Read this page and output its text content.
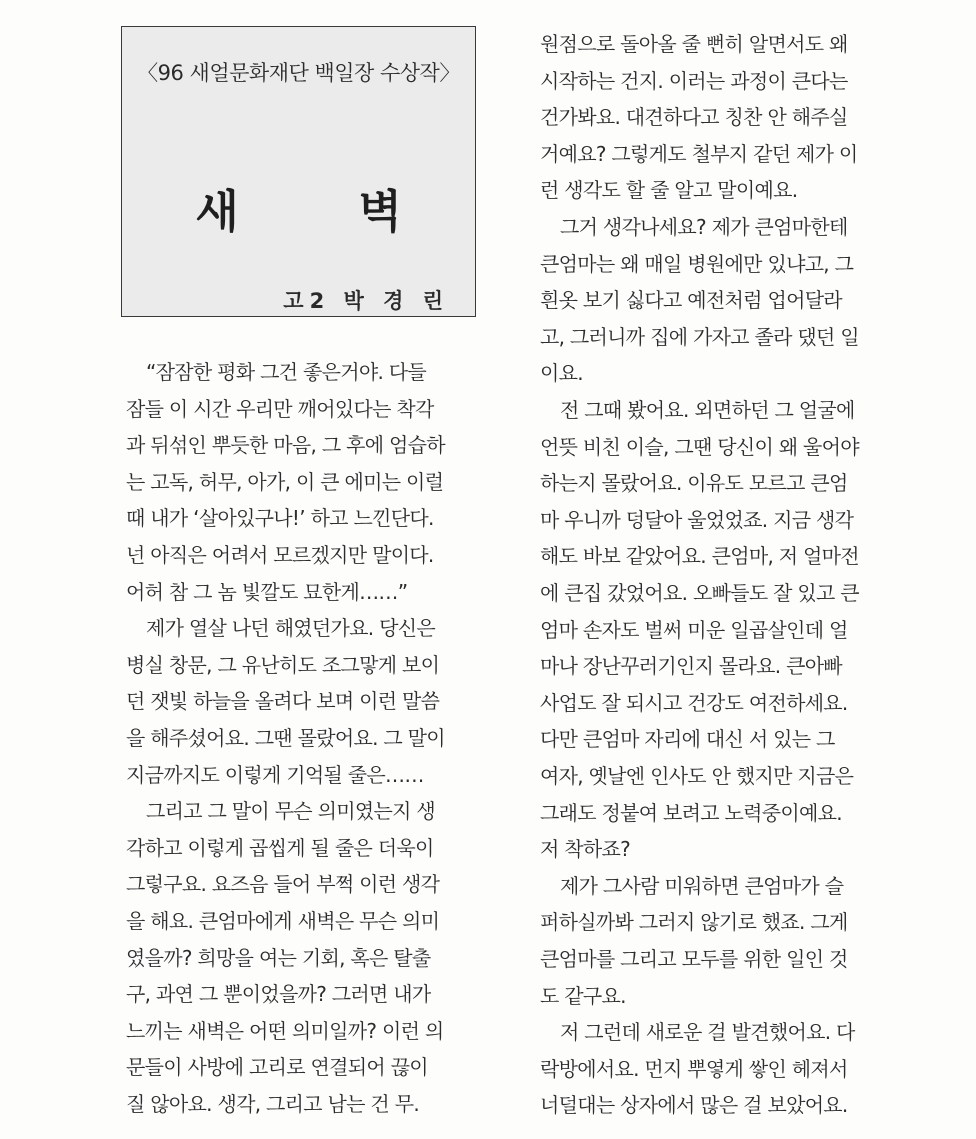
〈96 새얼문화재단 백일장 수상작〉
새 벽
고2 박 경 린
“잠잠한 평화 그건 좋은거야. 다들
잠들 이 시간 우리만 깨어있다는 착각
과 뒤섞인 뿌듯한 마음, 그 후에 엄습하
는 고독, 허무, 아가, 이 큰 에미는 이럴
때 내가 ‘살아있구나!’ 하고 느낀단다.
넌 아직은 어려서 모르겠지만 말이다.
어허 참 그 놈 빛깔도 묘한게……”
제가 열살 나던 해였던가요. 당신은
병실 창문, 그 유난히도 조그맣게 보이
던 잿빛 하늘을 올려다 보며 이런 말씀
을 해주셨어요. 그땐 몰랐어요. 그 말이
지금까지도 이렇게 기억될 줄은……
그리고 그 말이 무슨 의미였는지 생
각하고 이렇게 곱씹게 될 줄은 더욱이
그렇구요. 요즈음 들어 부쩍 이런 생각
을 해요. 큰엄마에게 새벽은 무슨 의미
였을까? 희망을 여는 기회, 혹은 탈출
구, 과연 그 뿐이었을까? 그러면 내가
느끼는 새벽은 어떤 의미일까? 이런 의
문들이 사방에 고리로 연결되어 끊이
질 않아요. 생각, 그리고 남는 건 무.
원점으로 돌아올 줄 뻔히 알면서도 왜
시작하는 건지. 이러는 과정이 큰다는
건가봐요. 대견하다고 칭찬 안 해주실
거예요? 그렇게도 철부지 같던 제가 이
런 생각도 할 줄 알고 말이예요.
그거 생각나세요? 제가 큰엄마한테
큰엄마는 왜 매일 병원에만 있냐고, 그
흰옷 보기 싫다고 예전처럼 업어달라
고, 그러니까 집에 가자고 졸라 댔던 일
이요.
전 그때 봤어요. 외면하던 그 얼굴에
언뜻 비친 이슬, 그땐 당신이 왜 울어야
하는지 몰랐어요. 이유도 모르고 큰엄
마 우니까 덩달아 울었었죠. 지금 생각
해도 바보 같았어요. 큰엄마, 저 얼마전
에 큰집 갔었어요. 오빠들도 잘 있고 큰
엄마 손자도 벌써 미운 일곱살인데 얼
마나 장난꾸러기인지 몰라요. 큰아빠
사업도 잘 되시고 건강도 여전하세요.
다만 큰엄마 자리에 대신 서 있는 그
여자, 옛날엔 인사도 안 했지만 지금은
그래도 정붙여 보려고 노력중이예요.
저 착하죠?
제가 그사람 미워하면 큰엄마가 슬
퍼하실까봐 그러지 않기로 했죠. 그게
큰엄마를 그리고 모두를 위한 일인 것
도 같구요.
저 그런데 새로운 걸 발견했어요. 다
락방에서요. 먼지 뿌옇게 쌓인 헤져서
너덜대는 상자에서 많은 걸 보았어요.
